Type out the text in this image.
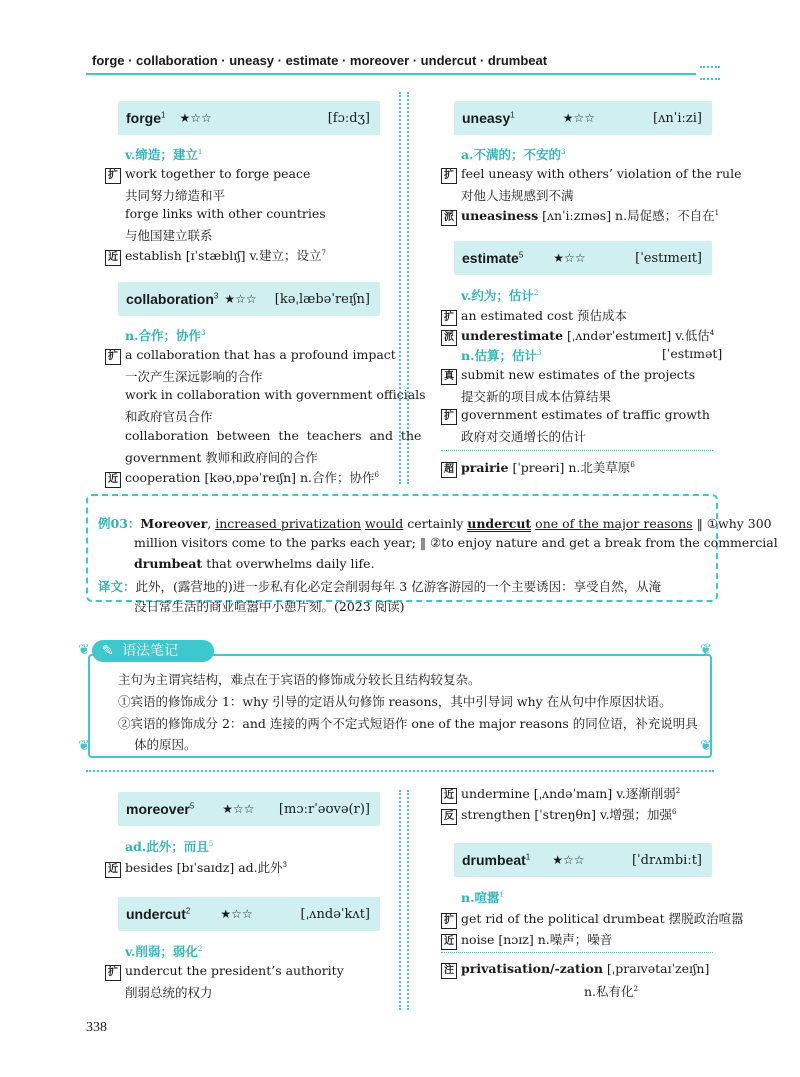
forge · collaboration · uneasy · estimate · moreover · undercut · drumbeat
forge$^1$ ★☆☆	[fɔːdʒ]
v.缔造；建立$^1$
扩 work together to forge peace
共同努力缔造和平
forge links with other countries
与他国建立联系
近 establish [ɪˈstæblɪʃ] v.建立；设立$^7$
collaboration$^3$ ★☆☆ [kəˌlæbəˈreɪʃn]
n.合作；协作$^3$
扩 a collaboration that has a profound impact
一次产生深远影响的合作
work in collaboration with government officials
和政府官员合作
collaboration  between  the  teachers  and  the
government 教师和政府间的合作
近 cooperation [kəʊˌɒpəˈreɪʃn] n.合作；协作$^6$
uneasy$^1$	★☆☆	[ʌnˈiːzi]
a.不满的；不安的$^3$
扩 feel uneasy with others’ violation of the rule
对他人违规感到不满
派 uneasiness [ʌnˈiːzɪnəs] n.局促感；不自在$^1$
estimate$^5$	★☆☆	[ˈestɪmeɪt]
v.约为；估计$^2$
扩 an estimated cost 预估成本
派 underestimate [ˌʌndərˈestɪmeɪt] v.低估$^4$
n.估算；估计$^3$	[ˈestɪmət]
真 submit new estimates of the projects
提交新的项目成本估算结果
扩 government estimates of traffic growth
政府对交通增长的估计
超 prairie [ˈpreəri] n.北美草原$^6$
例03：Moreover, increased privatization would certainly undercut one of the major reasons ‖ ①why 300
million visitors come to the parks each year; ‖ ②to enjoy nature and get a break from the commercial
drumbeat that overwhelms daily life.
译文：此外，(露营地的)进一步私有化必定会削弱每年 3 亿游客游园的一个主要诱因：享受自然，从淹
没日常生活的商业喧嚣中小憩片刻。(2023 阅读)
✎ 语法笔记
❦	❦
❦	❦
主句为主谓宾结构，难点在于宾语的修饰成分较长且结构较复杂。
①宾语的修饰成分 1：why 引导的定语从句修饰 reasons，其中引导词 why 在从句中作原因状语。
②宾语的修饰成分 2：and 连接的两个不定式短语作 one of the major reasons 的同位语，补充说明具
体的原因。
moreover$^5$ ★☆☆ [mɔːrˈəʊvə(r)]
ad.此外；而且$^5$
近 besides [bɪˈsaɪdz] ad.此外$^3$
undercut$^2$	★☆☆	[ˌʌndəˈkʌt]
v.削弱；弱化$^2$
扩 undercut the president’s authority
削弱总统的权力
近 undermine [ˌʌndəˈmaɪn] v.逐渐削弱$^2$
反 strengthen [ˈstreŋθn] v.增强；加强$^6$
drumbeat$^1$ ★☆☆	[ˈdrʌmbiːt]
n.喧嚣$^1$
扩 get rid of the political drumbeat 摆脱政治喧嚣
近 noise [nɔɪz] n.噪声；噪音
注 privatisation/-zation [ˌpraɪvətaɪˈzeɪʃn]
n.私有化$^2$
338
